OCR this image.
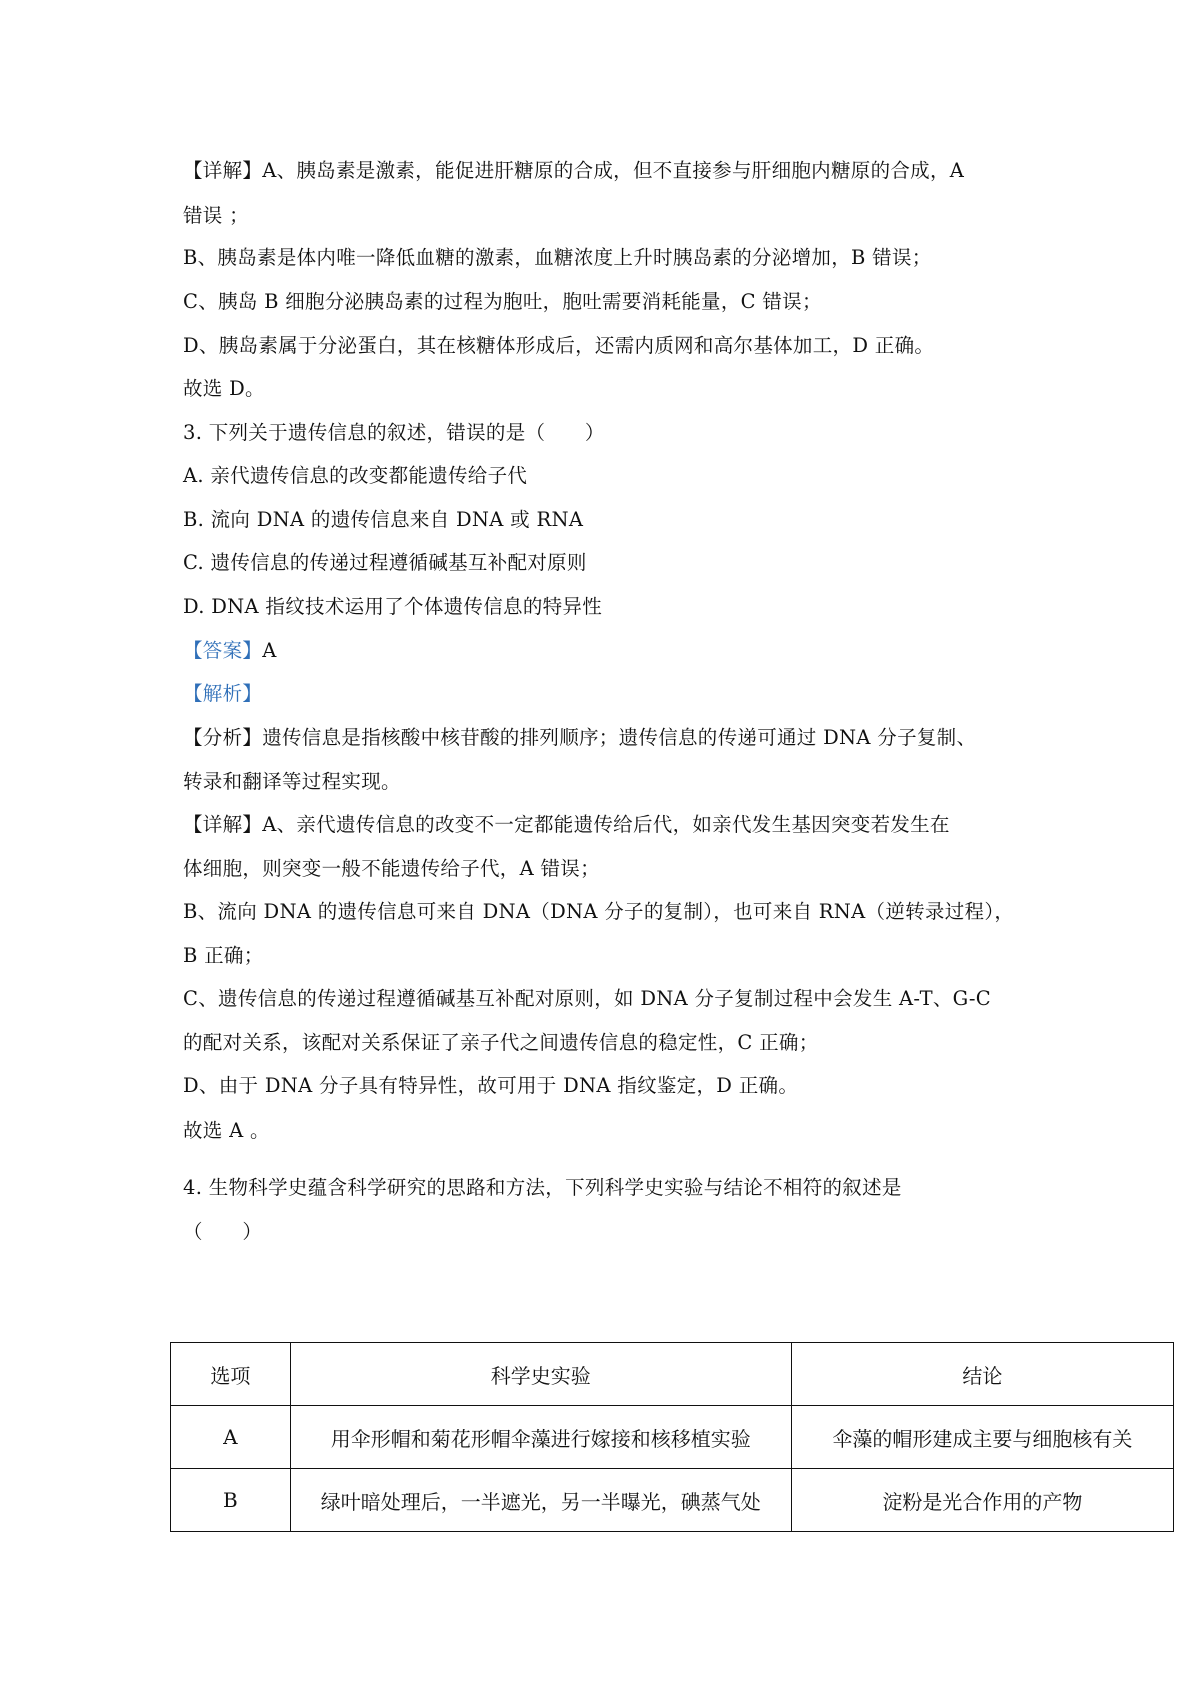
【详解】A、胰岛素是激素，能促进肝糖原的合成，但不直接参与肝细胞内糖原的合成，A
错误 ；
B、胰岛素是体内唯一降低血糖的激素，血糖浓度上升时胰岛素的分泌增加，B 错误；
C、胰岛 B 细胞分泌胰岛素的过程为胞吐，胞吐需要消耗能量，C 错误；
D、胰岛素属于分泌蛋白，其在核糖体形成后，还需内质网和高尔基体加工，D 正确。
故选 D。
3. 下列关于遗传信息的叙述，错误的是（　　）
A. 亲代遗传信息的改变都能遗传给子代
B. 流向 DNA 的遗传信息来自 DNA 或 RNA
C. 遗传信息的传递过程遵循碱基互补配对原则
D. DNA 指纹技术运用了个体遗传信息的特异性
【答案】A
【解析】
【分析】遗传信息是指核酸中核苷酸的排列顺序；遗传信息的传递可通过 DNA 分子复制、
转录和翻译等过程实现。
【详解】A、亲代遗传信息的改变不一定都能遗传给后代，如亲代发生基因突变若发生在
体细胞，则突变一般不能遗传给子代，A 错误；
B、流向 DNA 的遗传信息可来自 DNA（DNA 分子的复制），也可来自 RNA（逆转录过程），
B 正确；
C、遗传信息的传递过程遵循碱基互补配对原则，如 DNA 分子复制过程中会发生 A-T、G-C
的配对关系，该配对关系保证了亲子代之间遗传信息的稳定性，C 正确；
D、由于 DNA 分子具有特异性，故可用于 DNA 指纹鉴定，D 正确。
故选 A 。
4. 生物科学史蕴含科学研究的思路和方法，下列科学史实验与结论不相符的叙述是
（　　）
选项	科学史实验	结论
A	用伞形帽和菊花形帽伞藻进行嫁接和核移植实验	伞藻的帽形建成主要与细胞核有关
B	绿叶暗处理后，一半遮光，另一半曝光，碘蒸气处	淀粉是光合作用的产物
